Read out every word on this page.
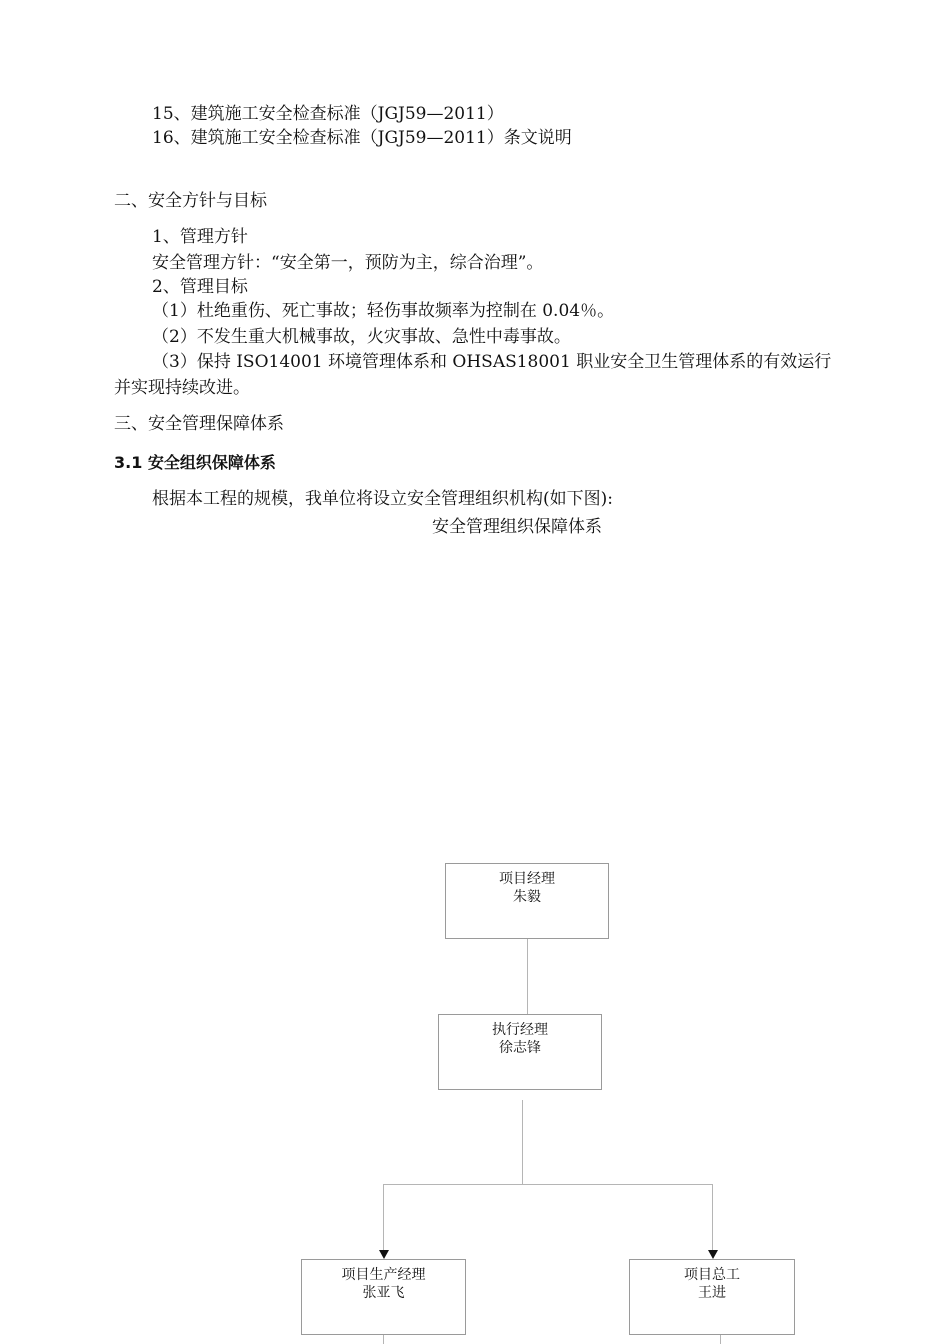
15、建筑施工安全检查标准（JGJ59—2011）
16、建筑施工安全检查标准（JGJ59—2011）条文说明
二、安全方针与目标
1、管理方针
安全管理方针：“安全第一，预防为主，综合治理”。
2、管理目标
（1）杜绝重伤、死亡事故；轻伤事故频率为控制在 0.04％。
（2）不发生重大机械事故，火灾事故、急性中毒事故。
（3）保持 ISO14001 环境管理体系和 OHSAS18001 职业安全卫生管理体系的有效运行
并实现持续改进。
三、安全管理保障体系
3.1 安全组织保障体系
根据本工程的规模，我单位将设立安全管理组织机构(如下图):
安全管理组织保障体系
项目经理
朱毅
执行经理
徐志锋
项目生产经理
张亚飞
项目总工
王进
